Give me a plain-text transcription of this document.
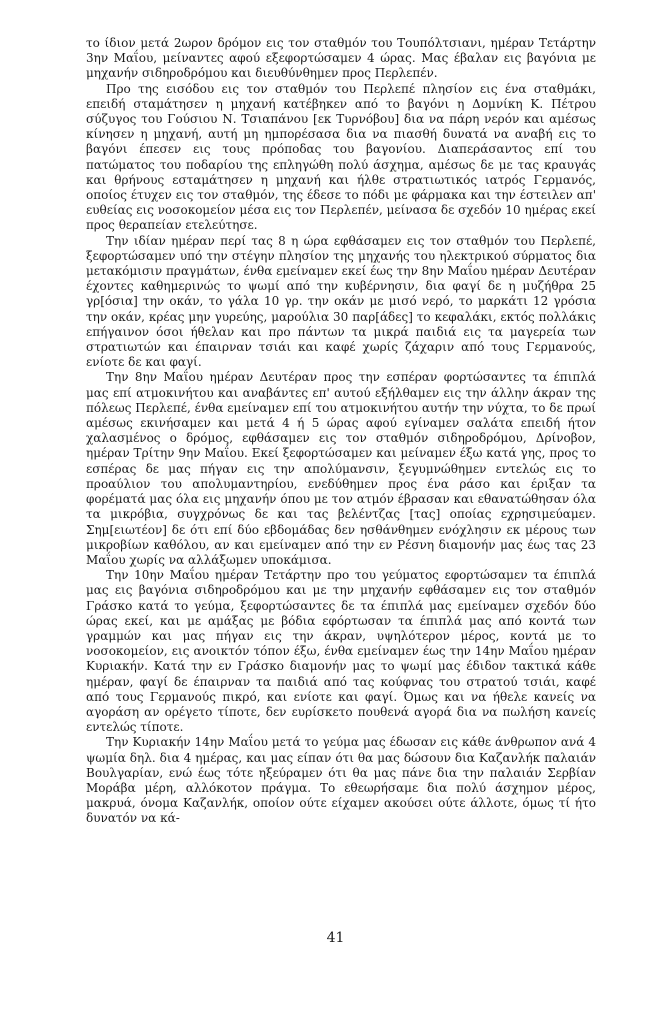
το ίδιον μετά 2ωρον δρόμον εις τον σταθμόν του Τουπόλτσιανι, ημέραν Τετάρτην 3ην Μαΐου, μείναντες αφού εξεφορτώσαμεν 4 ώρας. Μας έβαλαν εις βαγόνια με μηχανήν σιδηροδρόμου και διευθύνθημεν προς Περλεπέν.

Προ της εισόδου εις τον σταθμόν του Περλεπέ πλησίον εις ένα σταθμάκι, επειδή σταμάτησεν η μηχανή κατέβηκεν από το βαγόνι η Δομνίκη Κ. Πέτρου σύζυγος του Γούσιου Ν. Τσιαπάνου [εκ Τυρνόβου] δια να πάρη νερόν και αμέσως κίνησεν η μηχανή, αυτή μη ημπορέσασα δια να πιασθή δυνατά να αναβή εις το βαγόνι έπεσεν εις τους πρόποδας του βαγονίου. Διαπεράσαντος επί του πατώματος του ποδαρίου της επληγώθη πολύ άσχημα, αμέσως δε με τας κραυγάς και θρήνους εσταμάτησεν η μηχανή και ήλθε στρατιωτικός ιατρός Γερμανός, οποίος έτυχεν εις τον σταθμόν, της έδεσε το πόδι με φάρμακα και την έστειλεν απ' ευθείας εις νοσοκομείον μέσα εις τον Περλεπέν, μείνασα δε σχεδόν 10 ημέρας εκεί προς θεραπείαν ετελεύτησε.

Την ιδίαν ημέραν περί τας 8 η ώρα εφθάσαμεν εις τον σταθμόν του Περλεπέ, ξεφορτώσαμεν υπό την στέγην πλησίον της μηχανής του ηλεκτρικού σύρματος δια μετακόμισιν πραγμάτων, ένθα εμείναμεν εκεί έως την 8ην Μαΐου ημέραν Δευτέραν έχοντες καθημερινώς το ψωμί από την κυβέρνησιν, δια φαγί δε η μυζήθρα 25 γρ[όσια] την οκάν, το γάλα 10 γρ. την οκάν με μισό νερό, το μαρκάτι 12 γρόσια την οκάν, κρέας μην γυρεύης, μαρούλια 30 παρ[άδες] το κεφαλάκι, εκτός πολλάκις επήγαινον όσοι ήθελαν και προ πάντων τα μικρά παιδιά εις τα μαγερεία των στρατιωτών και έπαιρναν τσιάι και καφέ χωρίς ζάχαριν από τους Γερμανούς, ενίοτε δε και φαγί.

Την 8ην Μαΐου ημέραν Δευτέραν προς την εσπέραν φορτώσαντες τα έπιπλά μας επί ατμοκινήτου και αναβάντες επ' αυτού εξήλθαμεν εις την άλλην άκραν της πόλεως Περλεπέ, ένθα εμείναμεν επί του ατμοκινήτου αυτήν την νύχτα, το δε πρωί αμέσως εκινήσαμεν και μετά 4 ή 5 ώρας αφού εγίναμεν σαλάτα επειδή ήτον χαλασμένος ο δρόμος, εφθάσαμεν εις τον σταθμόν σιδηροδρόμου, Δρίνοβον, ημέραν Τρίτην 9ην Μαΐου. Εκεί ξεφορτώσαμεν και μείναμεν έξω κατά γης, προς το εσπέρας δε μας πήγαν εις την απολύμανσιν, ξεγυμνώθημεν εντελώς εις το προαύλιον του απολυμαντηρίου, ενεδύθημεν προς ένα ράσο και έριξαν τα φορέματά μας όλα εις μηχανήν όπου με τον ατμόν έβρασαν και εθανατώθησαν όλα τα μικρόβια, συγχρόνως δε και τας βελέντζας [τας] οποίας εχρησιμεύαμεν. Σημ[ειωτέον] δε ότι επί δύο εβδομάδας δεν ησθάνθημεν ενόχλησιν εκ μέρους των μικροβίων καθόλου, αν και εμείναμεν από την εν Ρέσνη διαμονήν μας έως τας 23 Μαΐου χωρίς να αλλάξωμεν υποκάμισα.

Την 10ην Μαΐου ημέραν Τετάρτην προ του γεύματος εφορτώσαμεν τα έπιπλά μας εις βαγόνια σιδηροδρόμου και με την μηχανήν εφθάσαμεν εις τον σταθμόν Γράσκο κατά το γεύμα, ξεφορτώσαντες δε τα έπιπλά μας εμείναμεν σχεδόν δύο ώρας εκεί, και με αμάξας με βόδια εφόρτωσαν τα έπιπλά μας από κοντά των γραμμών και μας πήγαν εις την άκραν, υψηλότερον μέρος, κοντά με το νοσοκομείον, εις ανοικτόν τόπον έξω, ένθα εμείναμεν έως την 14ην Μαΐου ημέραν Κυριακήν. Κατά την εν Γράσκο διαμονήν μας το ψωμί μας έδιδον τακτικά κάθε ημέραν, φαγί δε έπαιρναν τα παιδιά από τας κούφνας του στρατού τσιάι, καφέ από τους Γερμανούς πικρό, και ενίοτε και φαγί. Όμως και να ήθελε κανείς να αγοράση αν ορέγετο τίποτε, δεν ευρίσκετο πουθενά αγορά δια να πωλήση κανείς εντελώς τίποτε.

Την Κυριακήν 14ην Μαΐου μετά το γεύμα μας έδωσαν εις κάθε άνθρωπον ανά 4 ψωμία δηλ. δια 4 ημέρας, και μας είπαν ότι θα μας δώσουν δια Καζανλήκ παλαιάν Βουλγαρίαν, ενώ έως τότε ηξεύραμεν ότι θα μας πάνε δια την παλαιάν Σερβίαν Μοράβα μέρη, αλλόκοτον πράγμα. Το εθεωρήσαμε δια πολύ άσχημον μέρος, μακρυά, όνομα Καζανλήκ, οποίον ούτε είχαμεν ακούσει ούτε άλλοτε, όμως τί ήτο δυνατόν να κά-

41
